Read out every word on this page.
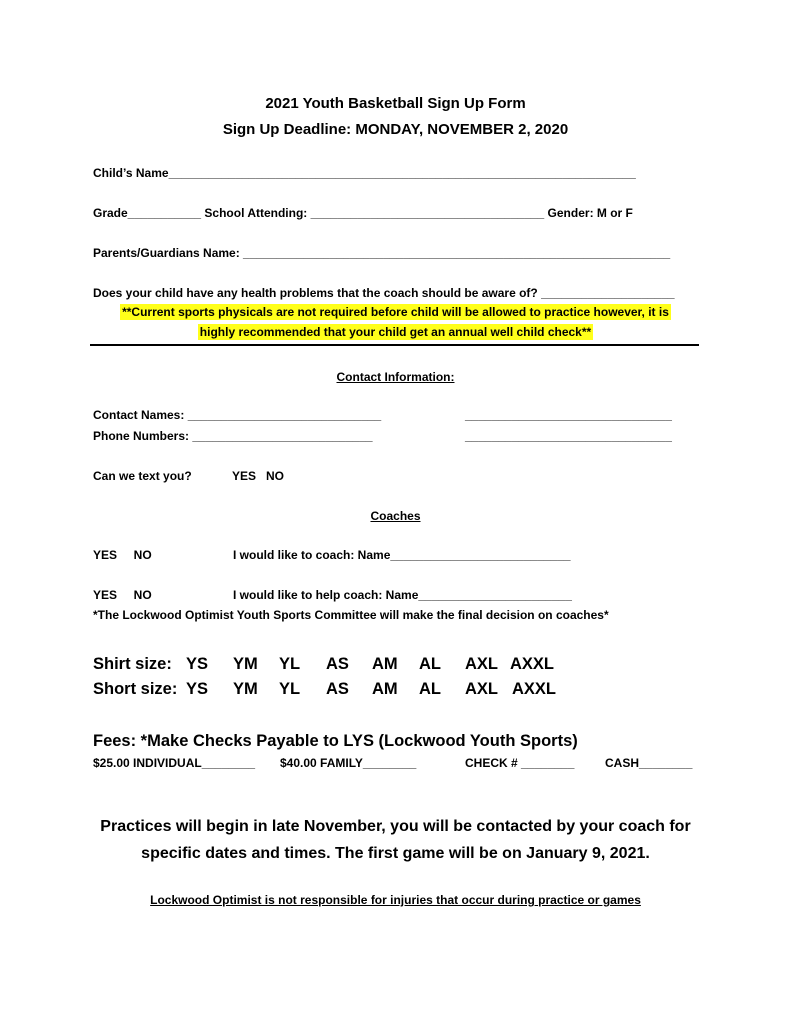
2021 Youth Basketball Sign Up Form
Sign Up Deadline: MONDAY, NOVEMBER 2, 2020
Child’s Name______________________________________________________________________
Grade___________ School Attending: ___________________________________ Gender: M or F
Parents/Guardians Name: ________________________________________________________________
Does your child have any health problems that the coach should be aware of? ____________________
**Current sports physicals are not required before child will be allowed to practice however, it is
highly recommended that your child get an annual well child check**
Contact Information:
Contact Names: _____________________________	_______________________________
Phone Numbers: ___________________________	_______________________________
Can we text you?	YES   NO
Coaches
YES     NO	I would like to coach: Name___________________________
YES     NO	I would like to help coach: Name_______________________
*The Lockwood Optimist Youth Sports Committee will make the final decision on coaches*
Shirt size: YS YM YL AS AM AL AXL AXXL
Short size: YS YM YL AS AM AL AXL AXXL
Fees: *Make Checks Payable to LYS (Lockwood Youth Sports)
$25.00 INDIVIDUAL________ $40.00 FAMILY________	CHECK # ________	CASH________
Practices will begin in late November, you will be contacted by your coach for
specific dates and times. The first game will be on January 9, 2021.
Lockwood Optimist is not responsible for injuries that occur during practice or games
